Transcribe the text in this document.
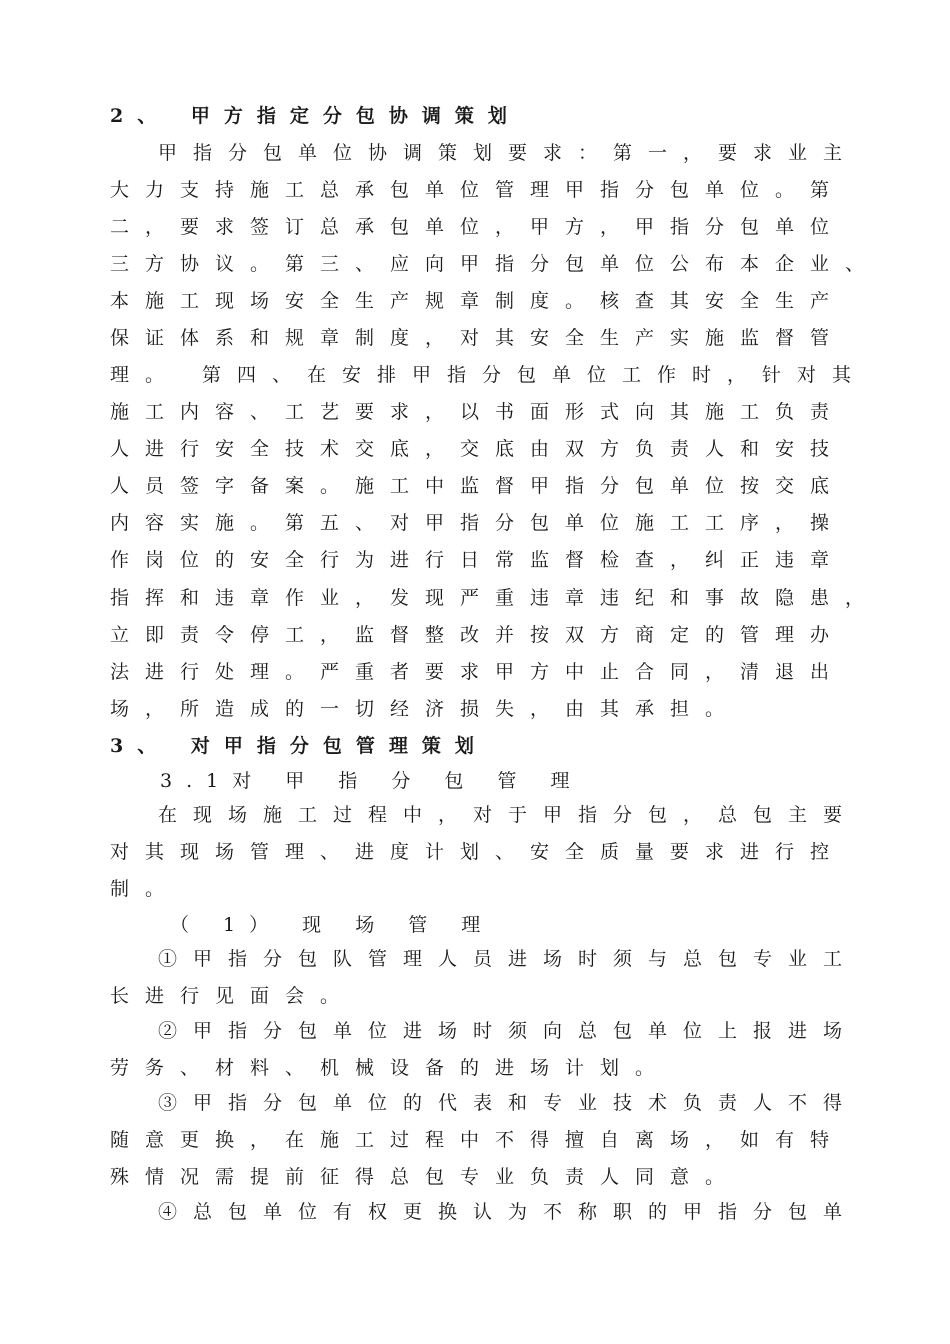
2、 甲方指定分包协调策划
甲指分包单位协调策划要求：第一，要求业主
大力支持施工总承包单位管理甲指分包单位。第
二，要求签订总承包单位，甲方，甲指分包单位
三方协议。第三、应向甲指分包单位公布本企业、
本施工现场安全生产规章制度。核查其安全生产
保证体系和规章制度，对其安全生产实施监督管
理。 第四、在安排甲指分包单位工作时，针对其
施工内容、工艺要求，以书面形式向其施工负责
人进行安全技术交底，交底由双方负责人和安技
人员签字备案。施工中监督甲指分包单位按交底
内容实施。第五、对甲指分包单位施工工序，操
作岗位的安全行为进行日常监督检查，纠正违章
指挥和违章作业，发现严重违章违纪和事故隐患，
立即责令停工，监督整改并按双方商定的管理办
法进行处理。严重者要求甲方中止合同，清退出
场，所造成的一切经济损失，由其承担。
3、 对甲指分包管理策划
3.1对 甲 指 分 包 管 理
在现场施工过程中，对于甲指分包，总包主要
对其现场管理、进度计划、安全质量要求进行控
制。
（ 1） 现 场 管 理
①甲指分包队管理人员进场时须与总包专业工
长进行见面会。
②甲指分包单位进场时须向总包单位上报进场
劳务、材料、机械设备的进场计划。
③甲指分包单位的代表和专业技术负责人不得
随意更换，在施工过程中不得擅自离场，如有特
殊情况需提前征得总包专业负责人同意。
④总包单位有权更换认为不称职的甲指分包单
